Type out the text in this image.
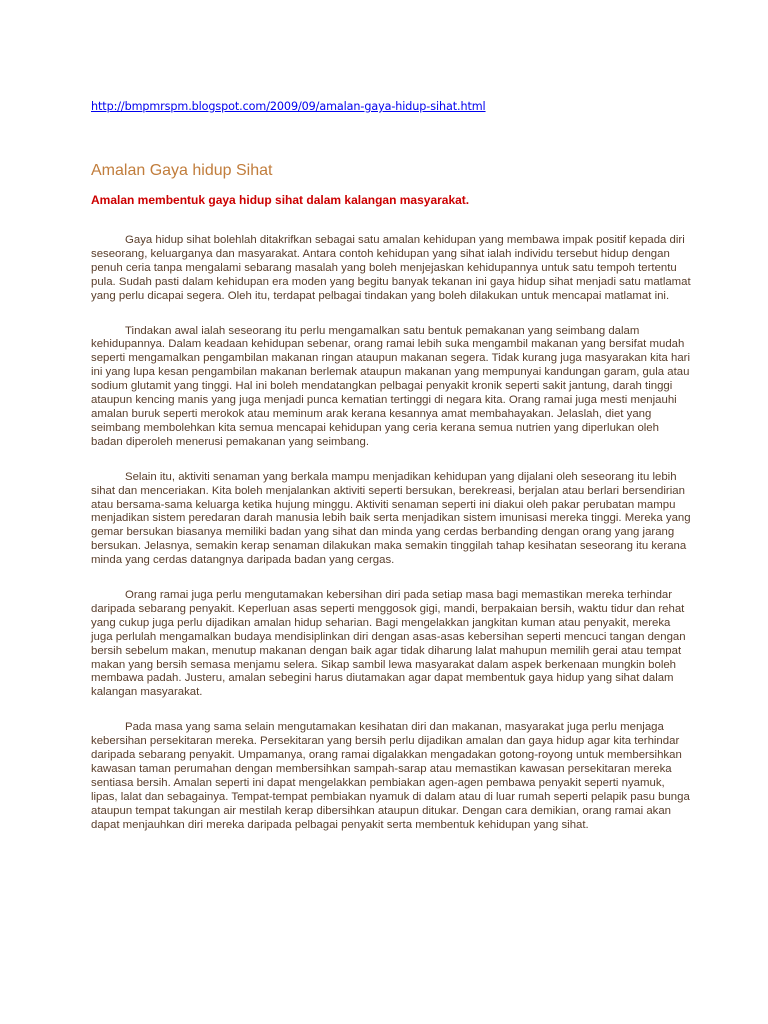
http://bmpmrspm.blogspot.com/2009/09/amalan-gaya-hidup-sihat.html
Amalan Gaya hidup Sihat
Amalan membentuk gaya hidup sihat dalam kalangan masyarakat.

Gaya hidup sihat bolehlah ditakrifkan sebagai satu amalan kehidupan yang membawa impak positif kepada diri seseorang, keluarganya dan masyarakat. Antara contoh kehidupan yang sihat ialah individu tersebut hidup dengan penuh ceria tanpa mengalami sebarang masalah yang boleh menjejaskan kehidupannya untuk satu tempoh tertentu pula. Sudah pasti dalam kehidupan era moden yang begitu banyak tekanan ini gaya hidup sihat menjadi satu matlamat yang perlu dicapai segera. Oleh itu, terdapat pelbagai tindakan yang boleh dilakukan untuk mencapai matlamat ini.

Tindakan awal ialah seseorang itu perlu mengamalkan satu bentuk pemakanan yang seimbang dalam kehidupannya. Dalam keadaan kehidupan sebenar, orang ramai lebih suka mengambil makanan yang bersifat mudah seperti mengamalkan pengambilan makanan ringan ataupun makanan segera. Tidak kurang juga masyarakan kita hari ini yang lupa kesan pengambilan makanan berlemak ataupun makanan yang mempunyai kandungan garam, gula atau sodium glutamit yang tinggi. Hal ini boleh mendatangkan pelbagai penyakit kronik seperti sakit jantung, darah tinggi ataupun kencing manis yang juga menjadi punca kematian tertinggi di negara kita. Orang ramai juga mesti menjauhi amalan buruk seperti merokok atau meminum arak kerana kesannya amat membahayakan. Jelaslah, diet yang seimbang membolehkan kita semua mencapai kehidupan yang ceria kerana semua nutrien yang diperlukan oleh badan diperoleh menerusi pemakanan yang seimbang.

Selain itu, aktiviti senaman yang berkala mampu menjadikan kehidupan yang dijalani oleh seseorang itu lebih sihat dan menceriakan. Kita boleh menjalankan aktiviti seperti bersukan, berekreasi, berjalan atau berlari bersendirian atau bersama-sama keluarga ketika hujung minggu. Aktiviti senaman seperti ini diakui oleh pakar perubatan mampu menjadikan sistem peredaran darah manusia lebih baik serta menjadikan sistem imunisasi mereka tinggi. Mereka yang gemar bersukan biasanya memiliki badan yang sihat dan minda yang cerdas berbanding dengan orang yang jarang bersukan. Jelasnya, semakin kerap senaman dilakukan maka semakin tinggilah tahap kesihatan seseorang itu kerana minda yang cerdas datangnya daripada badan yang cergas.

Orang ramai juga perlu mengutamakan kebersihan diri pada setiap masa bagi memastikan mereka terhindar daripada sebarang penyakit. Keperluan asas seperti menggosok gigi, mandi, berpakaian bersih, waktu tidur dan rehat yang cukup juga perlu dijadikan amalan hidup seharian. Bagi mengelakkan jangkitan kuman atau penyakit, mereka juga perlulah mengamalkan budaya mendisiplinkan diri dengan asas-asas kebersihan seperti mencuci tangan dengan bersih sebelum makan, menutup makanan dengan baik agar tidak diharung lalat mahupun memilih gerai atau tempat makan yang bersih semasa menjamu selera. Sikap sambil lewa masyarakat dalam aspek berkenaan mungkin boleh membawa padah. Justeru, amalan sebegini harus diutamakan agar dapat membentuk gaya hidup yang sihat dalam kalangan masyarakat.

Pada masa yang sama selain mengutamakan kesihatan diri dan makanan, masyarakat juga perlu menjaga kebersihan persekitaran mereka. Persekitaran yang bersih perlu dijadikan amalan dan gaya hidup agar kita terhindar daripada sebarang penyakit. Umpamanya, orang ramai digalakkan mengadakan gotong-royong untuk membersihkan kawasan taman perumahan dengan membersihkan sampah-sarap atau memastikan kawasan persekitaran mereka sentiasa bersih. Amalan seperti ini dapat mengelakkan pembiakan agen-agen pembawa penyakit seperti nyamuk, lipas, lalat dan sebagainya. Tempat-tempat pembiakan nyamuk di dalam atau di luar rumah seperti pelapik pasu bunga ataupun tempat takungan air mestilah kerap dibersihkan ataupun ditukar. Dengan cara demikian, orang ramai akan dapat menjauhkan diri mereka daripada pelbagai penyakit serta membentuk kehidupan yang sihat.
